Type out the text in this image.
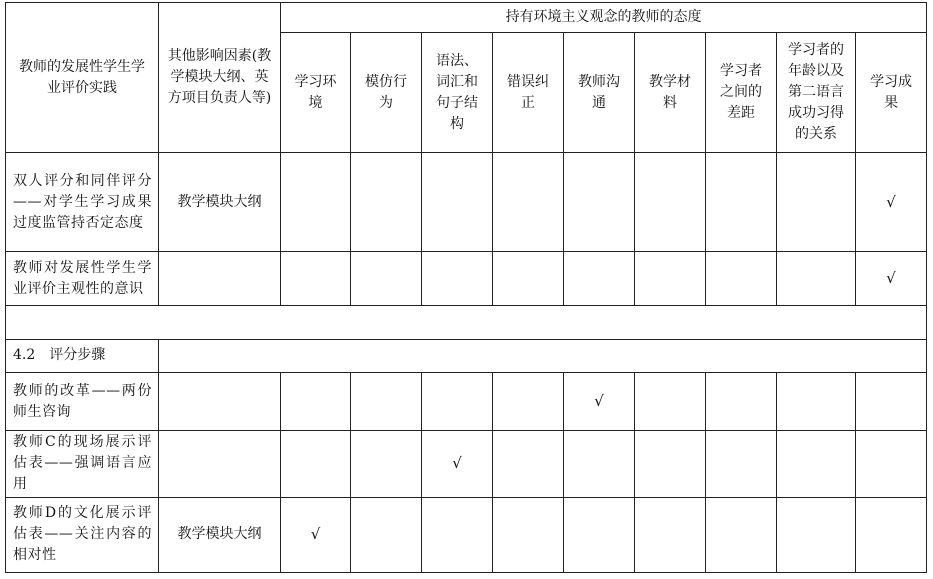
教师的发展性学生学业评价实践	其他影响因素(教学模块大纲、英方项目负责人等)	持有环境主义观念的教师的态度								
		学习环境	模仿行为	语法、词汇和句子结构	错误纠正	教师沟通	教学材料	学习者之间的差距	学习者的年龄以及第二语言成功习得的关系	学习成果
双人评分和同伴评分——对学生学习成果过度监管持否定态度	教学模块大纲									√
教师对发展性学生学业评价主观性的意识										√

4.2　评分步骤										
教师的改革——两份师生咨询						√				
教师C的现场展示评估表——强调语言应用				√						
教师D的文化展示评估表——关注内容的相对性	教学模块大纲	√								
